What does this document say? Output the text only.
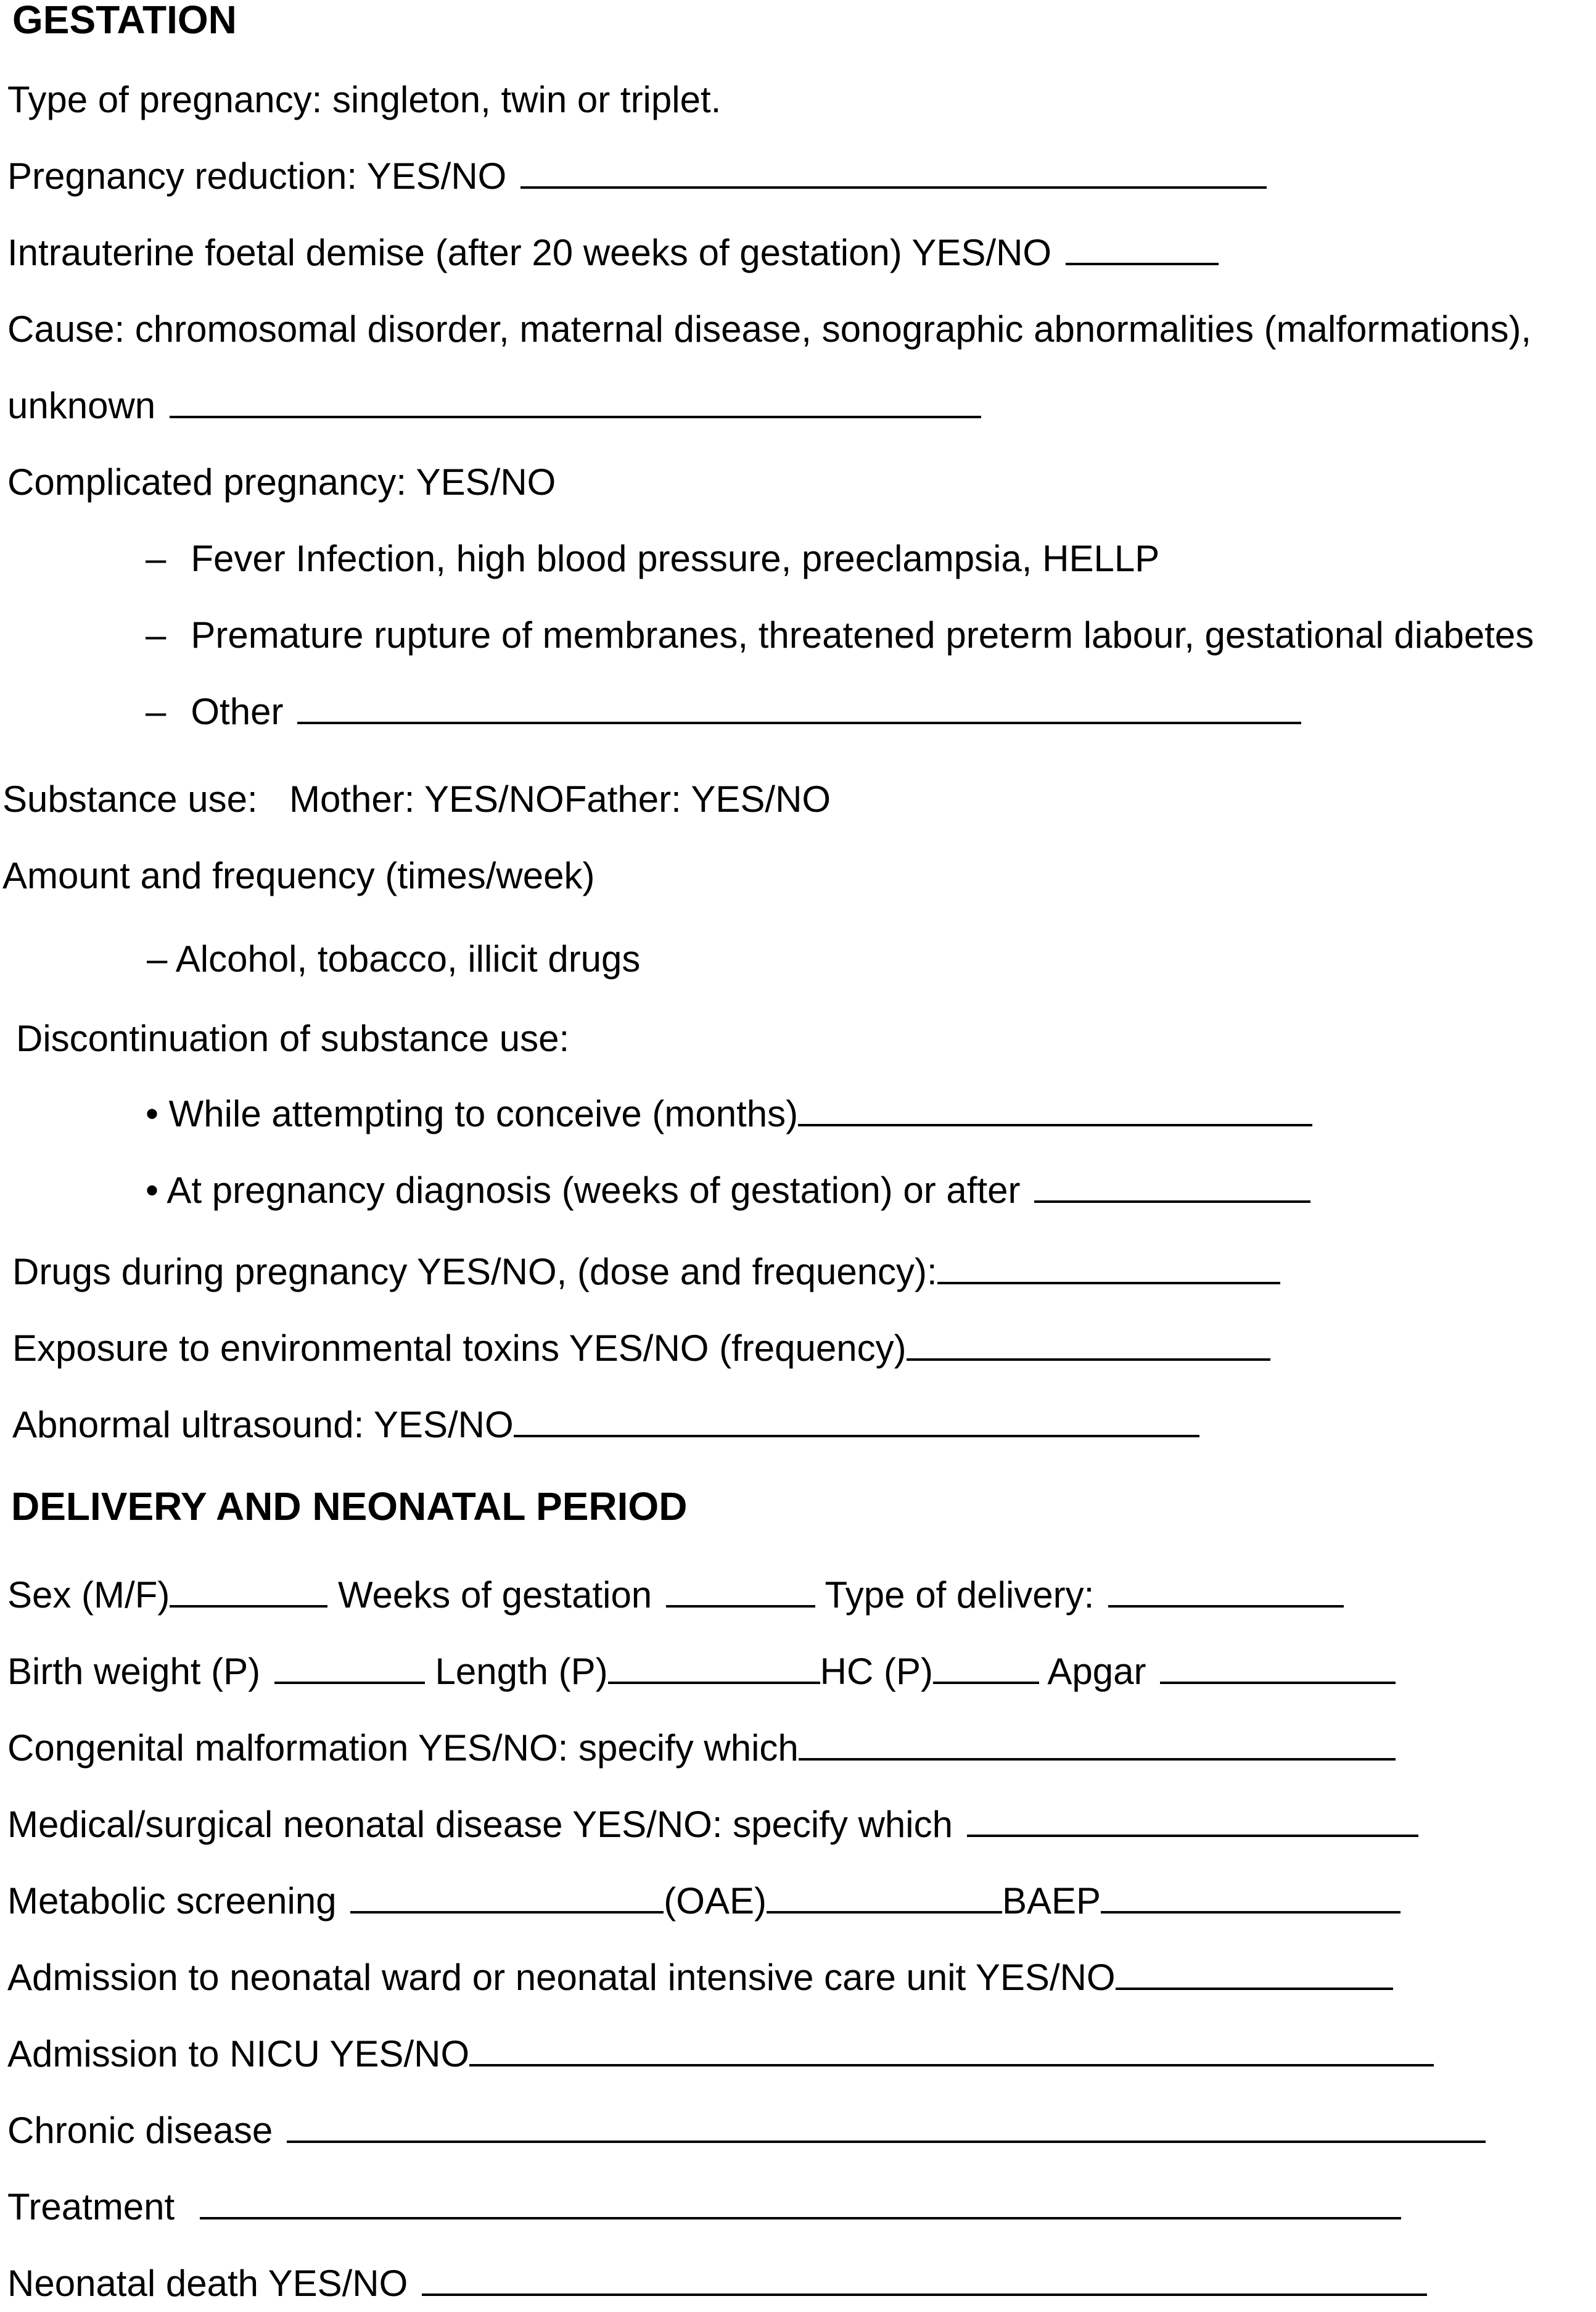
GESTATION

Type of pregnancy: singleton, twin or triplet.

Pregnancy reduction: YES/NO

Intrauterine foetal demise (after 20 weeks of gestation) YES/NO

Cause: chromosomal disorder, maternal disease, sonographic abnormalities (malformations),

unknown

Complicated pregnancy: YES/NO

– Fever Infection, high blood pressure, preeclampsia, HELLP

– Premature rupture of membranes, threatened preterm labour, gestational diabetes

– Other

Substance use: Mother: YES/NOFather: YES/NO

Amount and frequency (times/week)

– Alcohol, tobacco, illicit drugs

Discontinuation of substance use:

• While attempting to conceive (months)

• At pregnancy diagnosis (weeks of gestation) or after

Drugs during pregnancy YES/NO, (dose and frequency):

Exposure to environmental toxins YES/NO (frequency)

Abnormal ultrasound: YES/NO

DELIVERY AND NEONATAL PERIOD

Sex (M/F)	Weeks of gestation	Type of delivery:

Birth weight (P)	Length (P)	HC (P)	Apgar

Congenital malformation YES/NO: specify which

Medical/surgical neonatal disease YES/NO: specify which

Metabolic screening	(OAE)	BAEP

Admission to neonatal ward or neonatal intensive care unit YES/NO

Admission to NICU YES/NO

Chronic disease

Treatment

Neonatal death YES/NO
